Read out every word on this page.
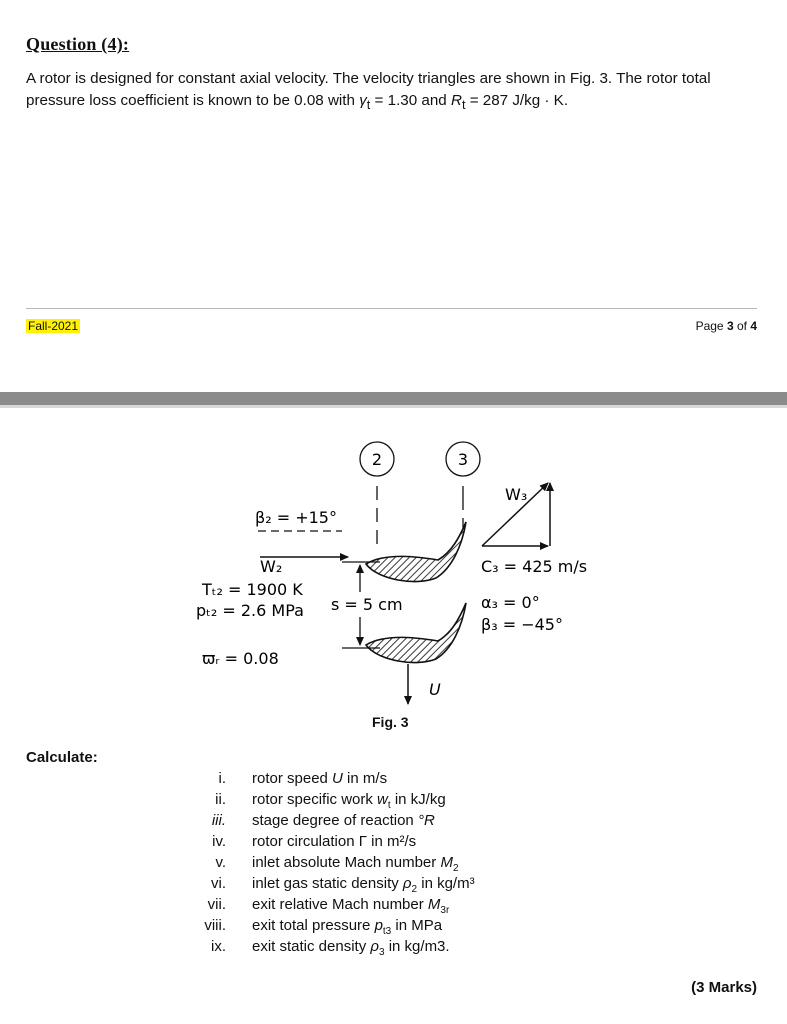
Question (4):
A rotor is designed for constant axial velocity. The velocity triangles are shown in Fig. 3. The rotor total
pressure loss coefficient is known to be 0.08 with $\gamma_t = 1.30$ and $R_t = 287$ J/kg · K.
Fall-2021	Page 3 of 4
2	3
β₂ = +15°
W₂
Tₜ₂ = 1900 K
pₜ₂ = 2.6 MPa
ϖᵣ = 0.08
s = 5 cm
U
W₃
C₃ = 425 m/s
α₃ = 0°
β₃ = −45°
Fig. 3
Calculate:
i. rotor speed U in m/s
ii. rotor specific work $w_t$ in kJ/kg
iii. stage degree of reaction °R
iv. rotor circulation Γ in m²/s
v. inlet absolute Mach number $M_2$
vi. inlet gas static density $\rho_2$ in kg/m³
vii. exit relative Mach number $M_{3r}$
viii. exit total pressure $p_{t3}$ in MPa
ix. exit static density $\rho_3$ in kg/m3.
(3 Marks)
